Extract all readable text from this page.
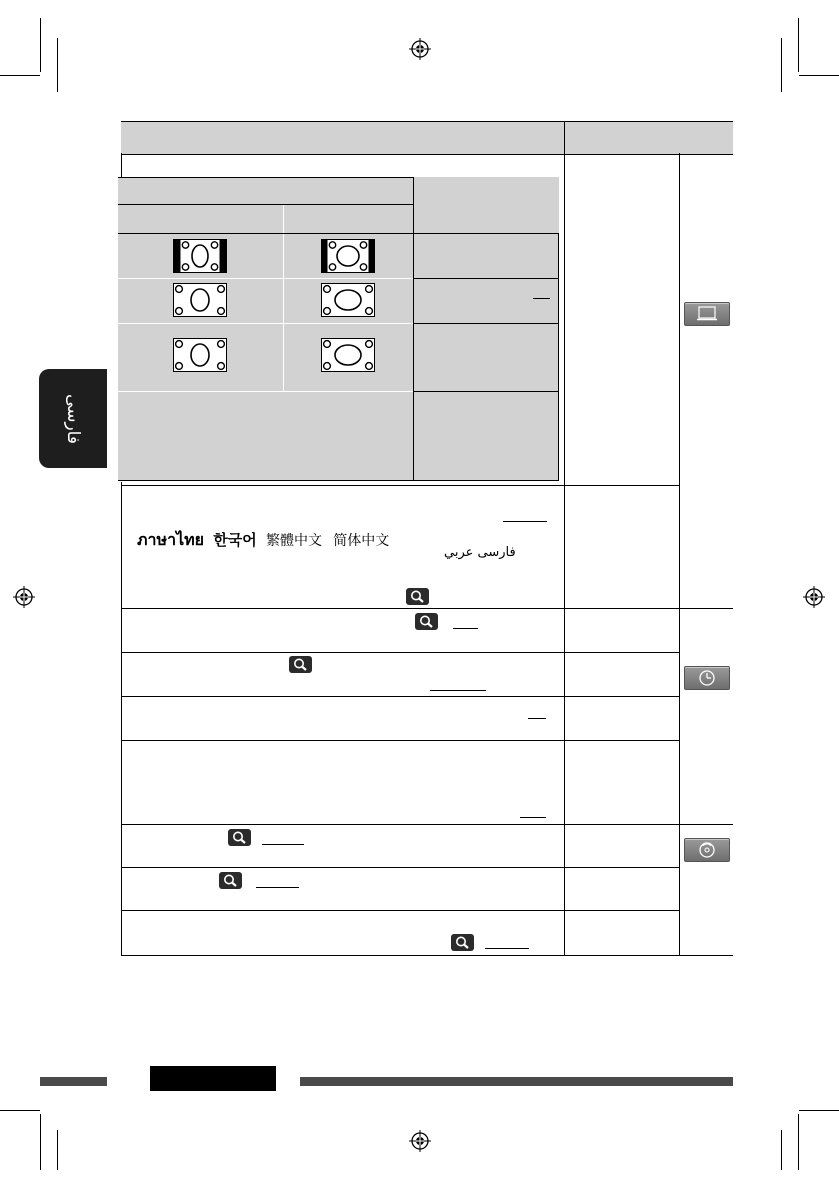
فارسی
ภาษาไทย 한국어 繁體中文 简体中文
فارسی عربي
